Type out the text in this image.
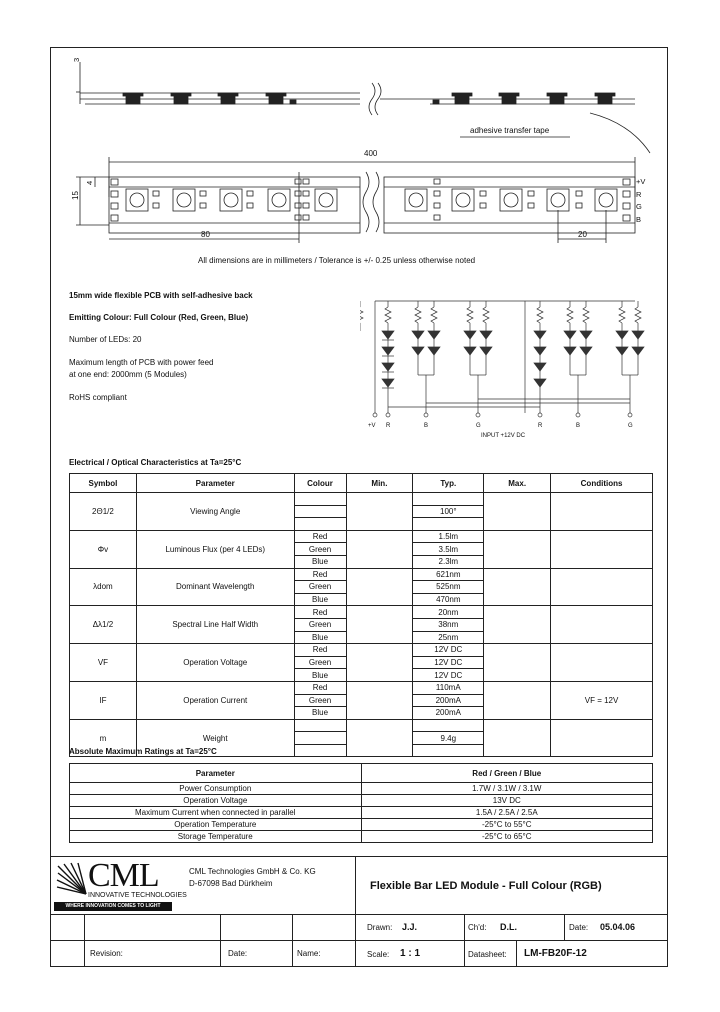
3
adhesive transfer tape
400
15
4
80	20
+V
R
G
B
All dimensions are in millimeters / Tolerance is +/- 0.25 unless otherwise noted
15mm wide flexible PCB with self-adhesive back
Emitting Colour: Full Colour (Red, Green, Blue)
Number of LEDs: 20
Maximum length of PCB with power feed
at one end: 2000mm (5 Modules)
RoHS compliant
+V R	B	G	R	B	G
INPUT +12V DC
Electrical / Optical Characteristics at Ta=25°C
Symbol	Parameter	Colour	Min.	Typ.	Max.	Conditions
2Θ1/2	Viewing Angle					
				100°		

Φv	Luminous Flux (per 4 LEDs)	Red		1.5lm		
		Green		3.5lm		
		Blue		2.3lm		
λdom	Dominant Wavelength	Red		621nm		
		Green		525nm		
		Blue		470nm		
Δλ1/2	Spectral Line Half Width	Red		20nm		
		Green		38nm		
		Blue		25nm		
VF	Operation Voltage	Red		12V DC		
		Green		12V DC		
		Blue		12V DC		
IF	Operation Current	Red		110mA		VF = 12V
		Green		200mA		
		Blue		200mA		
m	Weight					
				9.4g		

Absolute Maximum Ratings at Ta=25°C
Parameter	Red / Green / Blue
Power Consumption	1.7W / 3.1W / 3.1W
Operation Voltage	13V DC
Maximum Current when connected in parallel	1.5A / 2.5A / 2.5A
Operation Temperature	-25°C to 55°C
Storage Temperature	-25°C to 65°C
CML
INNOVATIVE TECHNOLOGIES
WHERE INNOVATION COMES TO LIGHT
CML Technologies GmbH & Co. KG
D-67098 Bad Dürkheim	Flexible Bar LED Module - Full Colour (RGB)
Drawn: J.J.	Ch'd: D.L.	Date: 05.04.06
Revision:	Date:	Name:	Scale: 1 : 1	Datasheet: LM-FB20F-12
